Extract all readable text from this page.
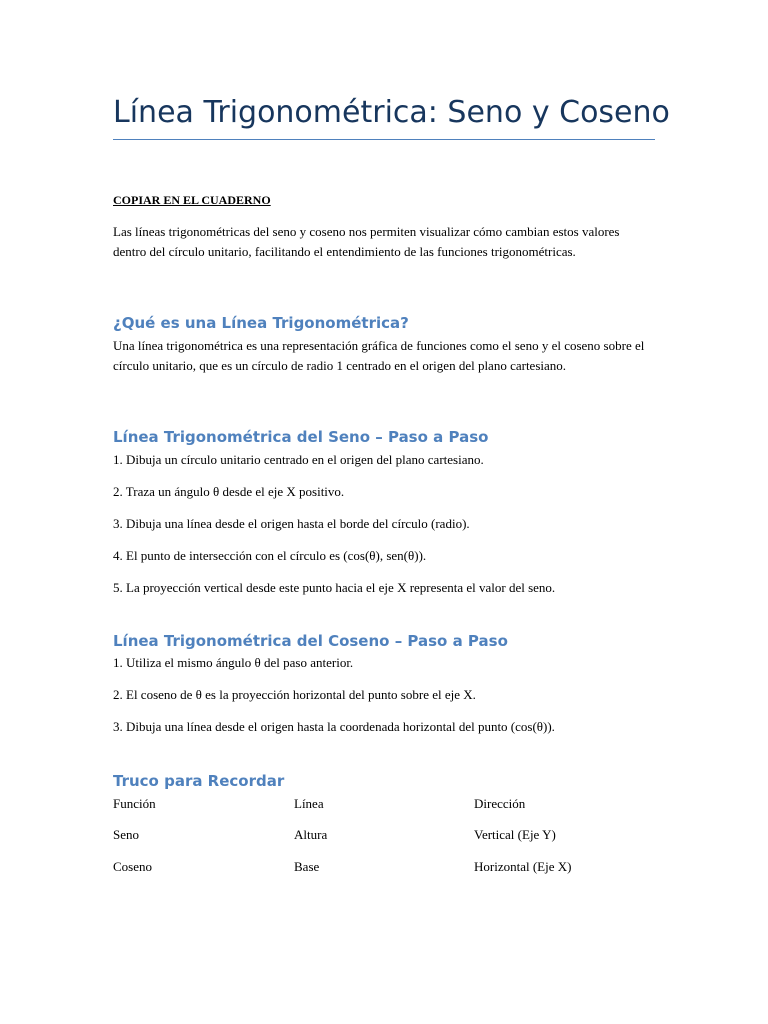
Línea Trigonométrica: Seno y Coseno
COPIAR EN EL CUADERNO

Las líneas trigonométricas del seno y coseno nos permiten visualizar cómo cambian estos valores dentro del círculo unitario, facilitando el entendimiento de las funciones trigonométricas.

¿Qué es una Línea Trigonométrica?

Una línea trigonométrica es una representación gráfica de funciones como el seno y el coseno sobre el círculo unitario, que es un círculo de radio 1 centrado en el origen del plano cartesiano.

Línea Trigonométrica del Seno – Paso a Paso
1. Dibuja un círculo unitario centrado en el origen del plano cartesiano.
2. Traza un ángulo θ desde el eje X positivo.
3. Dibuja una línea desde el origen hasta el borde del círculo (radio).
4. El punto de intersección con el círculo es (cos(θ), sen(θ)).
5. La proyección vertical desde este punto hacia el eje X representa el valor del seno.
Línea Trigonométrica del Coseno – Paso a Paso
1. Utiliza el mismo ángulo θ del paso anterior.
2. El coseno de θ es la proyección horizontal del punto sobre el eje X.
3. Dibuja una línea desde el origen hasta la coordenada horizontal del punto (cos(θ)).
Truco para Recordar
Función	Línea	Dirección
Seno	Altura	Vertical (Eje Y)
Coseno	Base	Horizontal (Eje X)
